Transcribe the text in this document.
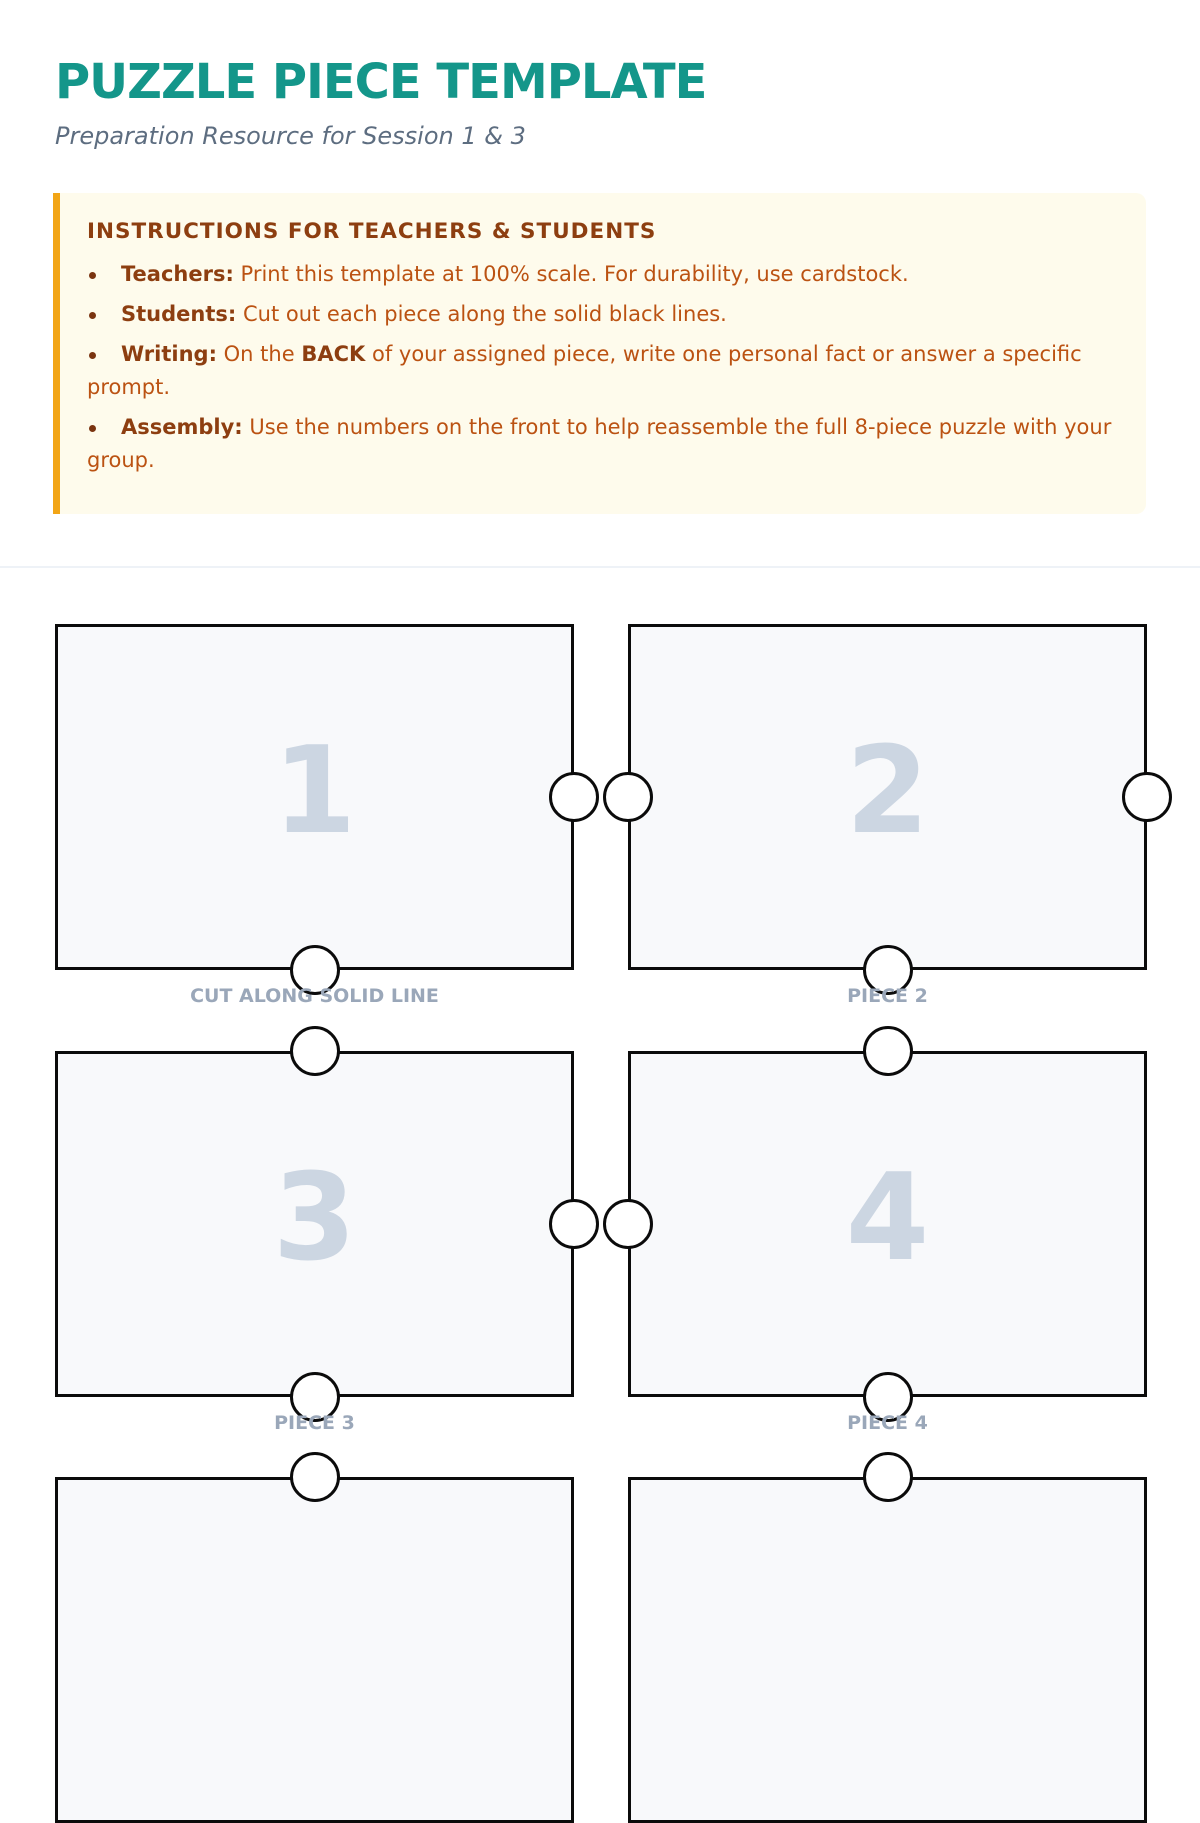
PUZZLE PIECE TEMPLATE
Preparation Resource for Session 1 & 3
INSTRUCTIONS FOR TEACHERS & STUDENTS
Teachers: Print this template at 100% scale. For durability, use cardstock.
Students: Cut out each piece along the solid black lines.
Writing: On the BACK of your assigned piece, write one personal fact or answer a specific prompt.
Assembly: Use the numbers on the front to help reassemble the full 8-piece puzzle with your group.
1
CUT ALONG SOLID LINE
2
PIECE 2
3
PIECE 3
4
PIECE 4
